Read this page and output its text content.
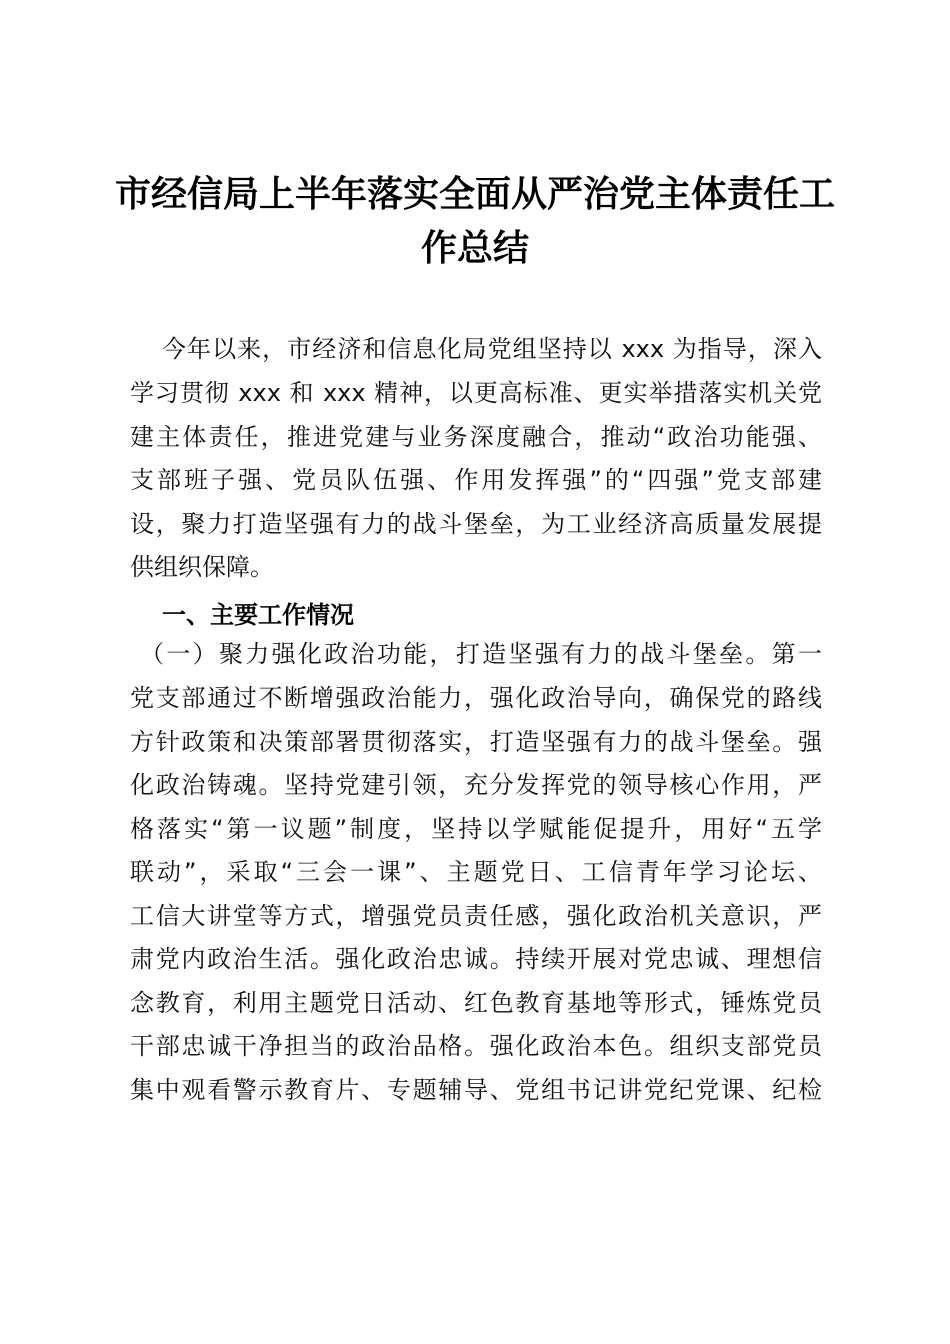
市经信局上半年落实全面从严治党主体责任工
作总结
今年以来，市经济和信息化局党组坚持以 xxx 为指导，深入
学习贯彻 xxx 和 xxx 精神，以更高标准、更实举措落实机关党
建主体责任，推进党建与业务深度融合，推动“政治功能强、
支部班子强、党员队伍强、作用发挥强”的“四强”党支部建
设，聚力打造坚强有力的战斗堡垒，为工业经济高质量发展提
供组织保障。
一、主要工作情况
（一）聚力强化政治功能，打造坚强有力的战斗堡垒。第一
党支部通过不断增强政治能力，强化政治导向，确保党的路线
方针政策和决策部署贯彻落实，打造坚强有力的战斗堡垒。强
化政治铸魂。坚持党建引领，充分发挥党的领导核心作用，严
格落实“第一议题”制度，坚持以学赋能促提升，用好“五学
联动”，采取“三会一课”、主题党日、工信青年学习论坛、
工信大讲堂等方式，增强党员责任感，强化政治机关意识，严
肃党内政治生活。强化政治忠诚。持续开展对党忠诚、理想信
念教育，利用主题党日活动、红色教育基地等形式，锤炼党员
干部忠诚干净担当的政治品格。强化政治本色。组织支部党员
集中观看警示教育片、专题辅导、党组书记讲党纪党课、纪检
